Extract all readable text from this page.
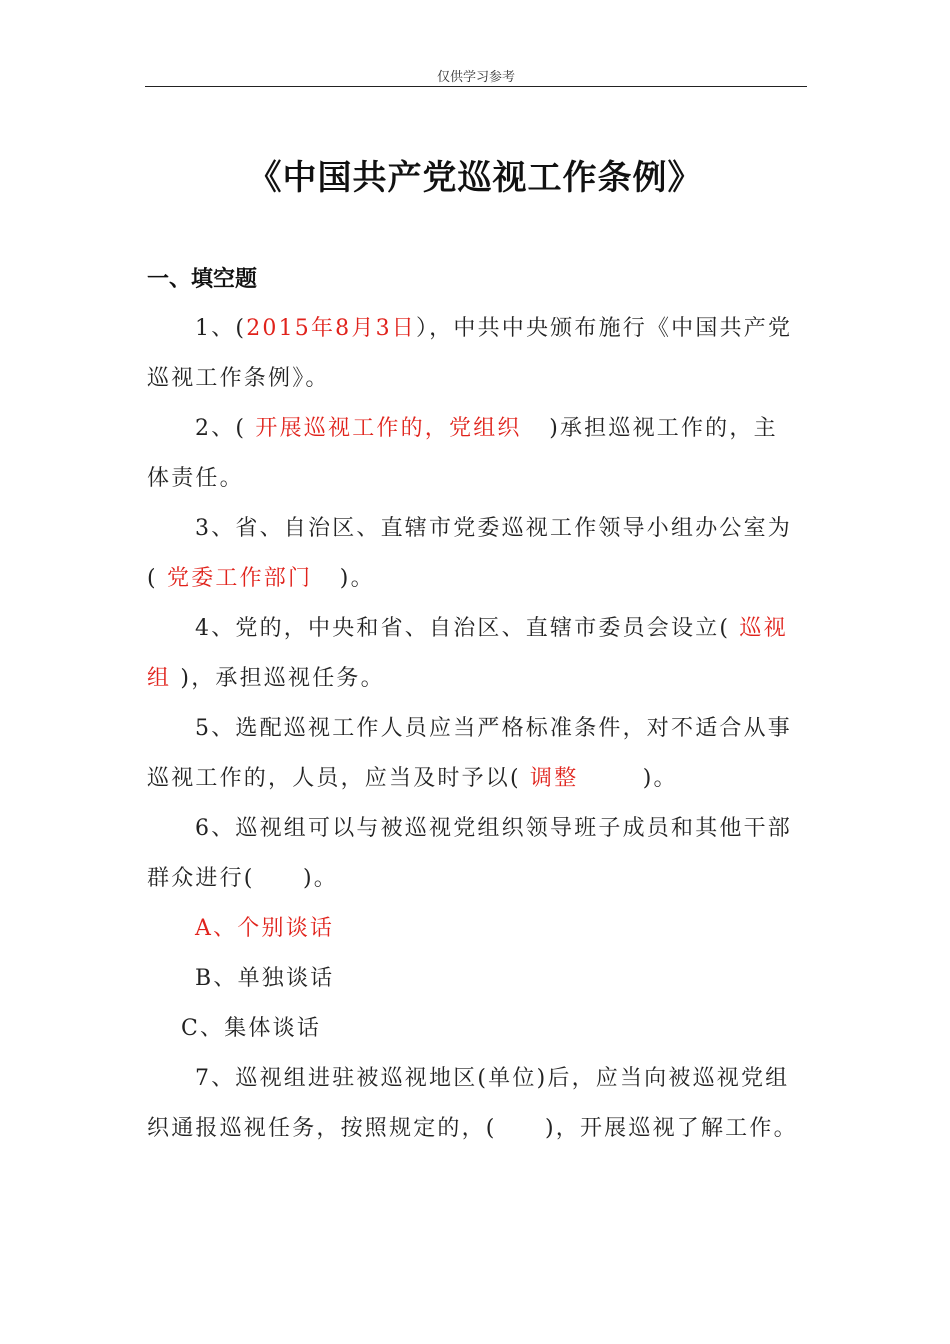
仅供学习参考
《中国共产党巡视工作条例》
一、填空题

1、(2015年8月3日），中共中央颁布施行《中国共产党巡视工作条例》。

2、( 开展巡视工作的，党组织 )承担巡视工作的，主体责任。

3、省、自治区、直辖市党委巡视工作领导小组办公室为( 党委工作部门 )。

4、党的，中央和省、自治区、直辖市委员会设立( 巡视组 )，承担巡视任务。

5、选配巡视工作人员应当严格标准条件，对不适合从事巡视工作的，人员，应当及时予以( 调整	)。

6、巡视组可以与被巡视党组织领导班子成员和其他干部群众进行(　　)。

A、个别谈话

B、单独谈话

C、集体谈话

7、巡视组进驻被巡视地区(单位)后，应当向被巡视党组织通报巡视任务，按照规定的，(　　)，开展巡视了解工作。
